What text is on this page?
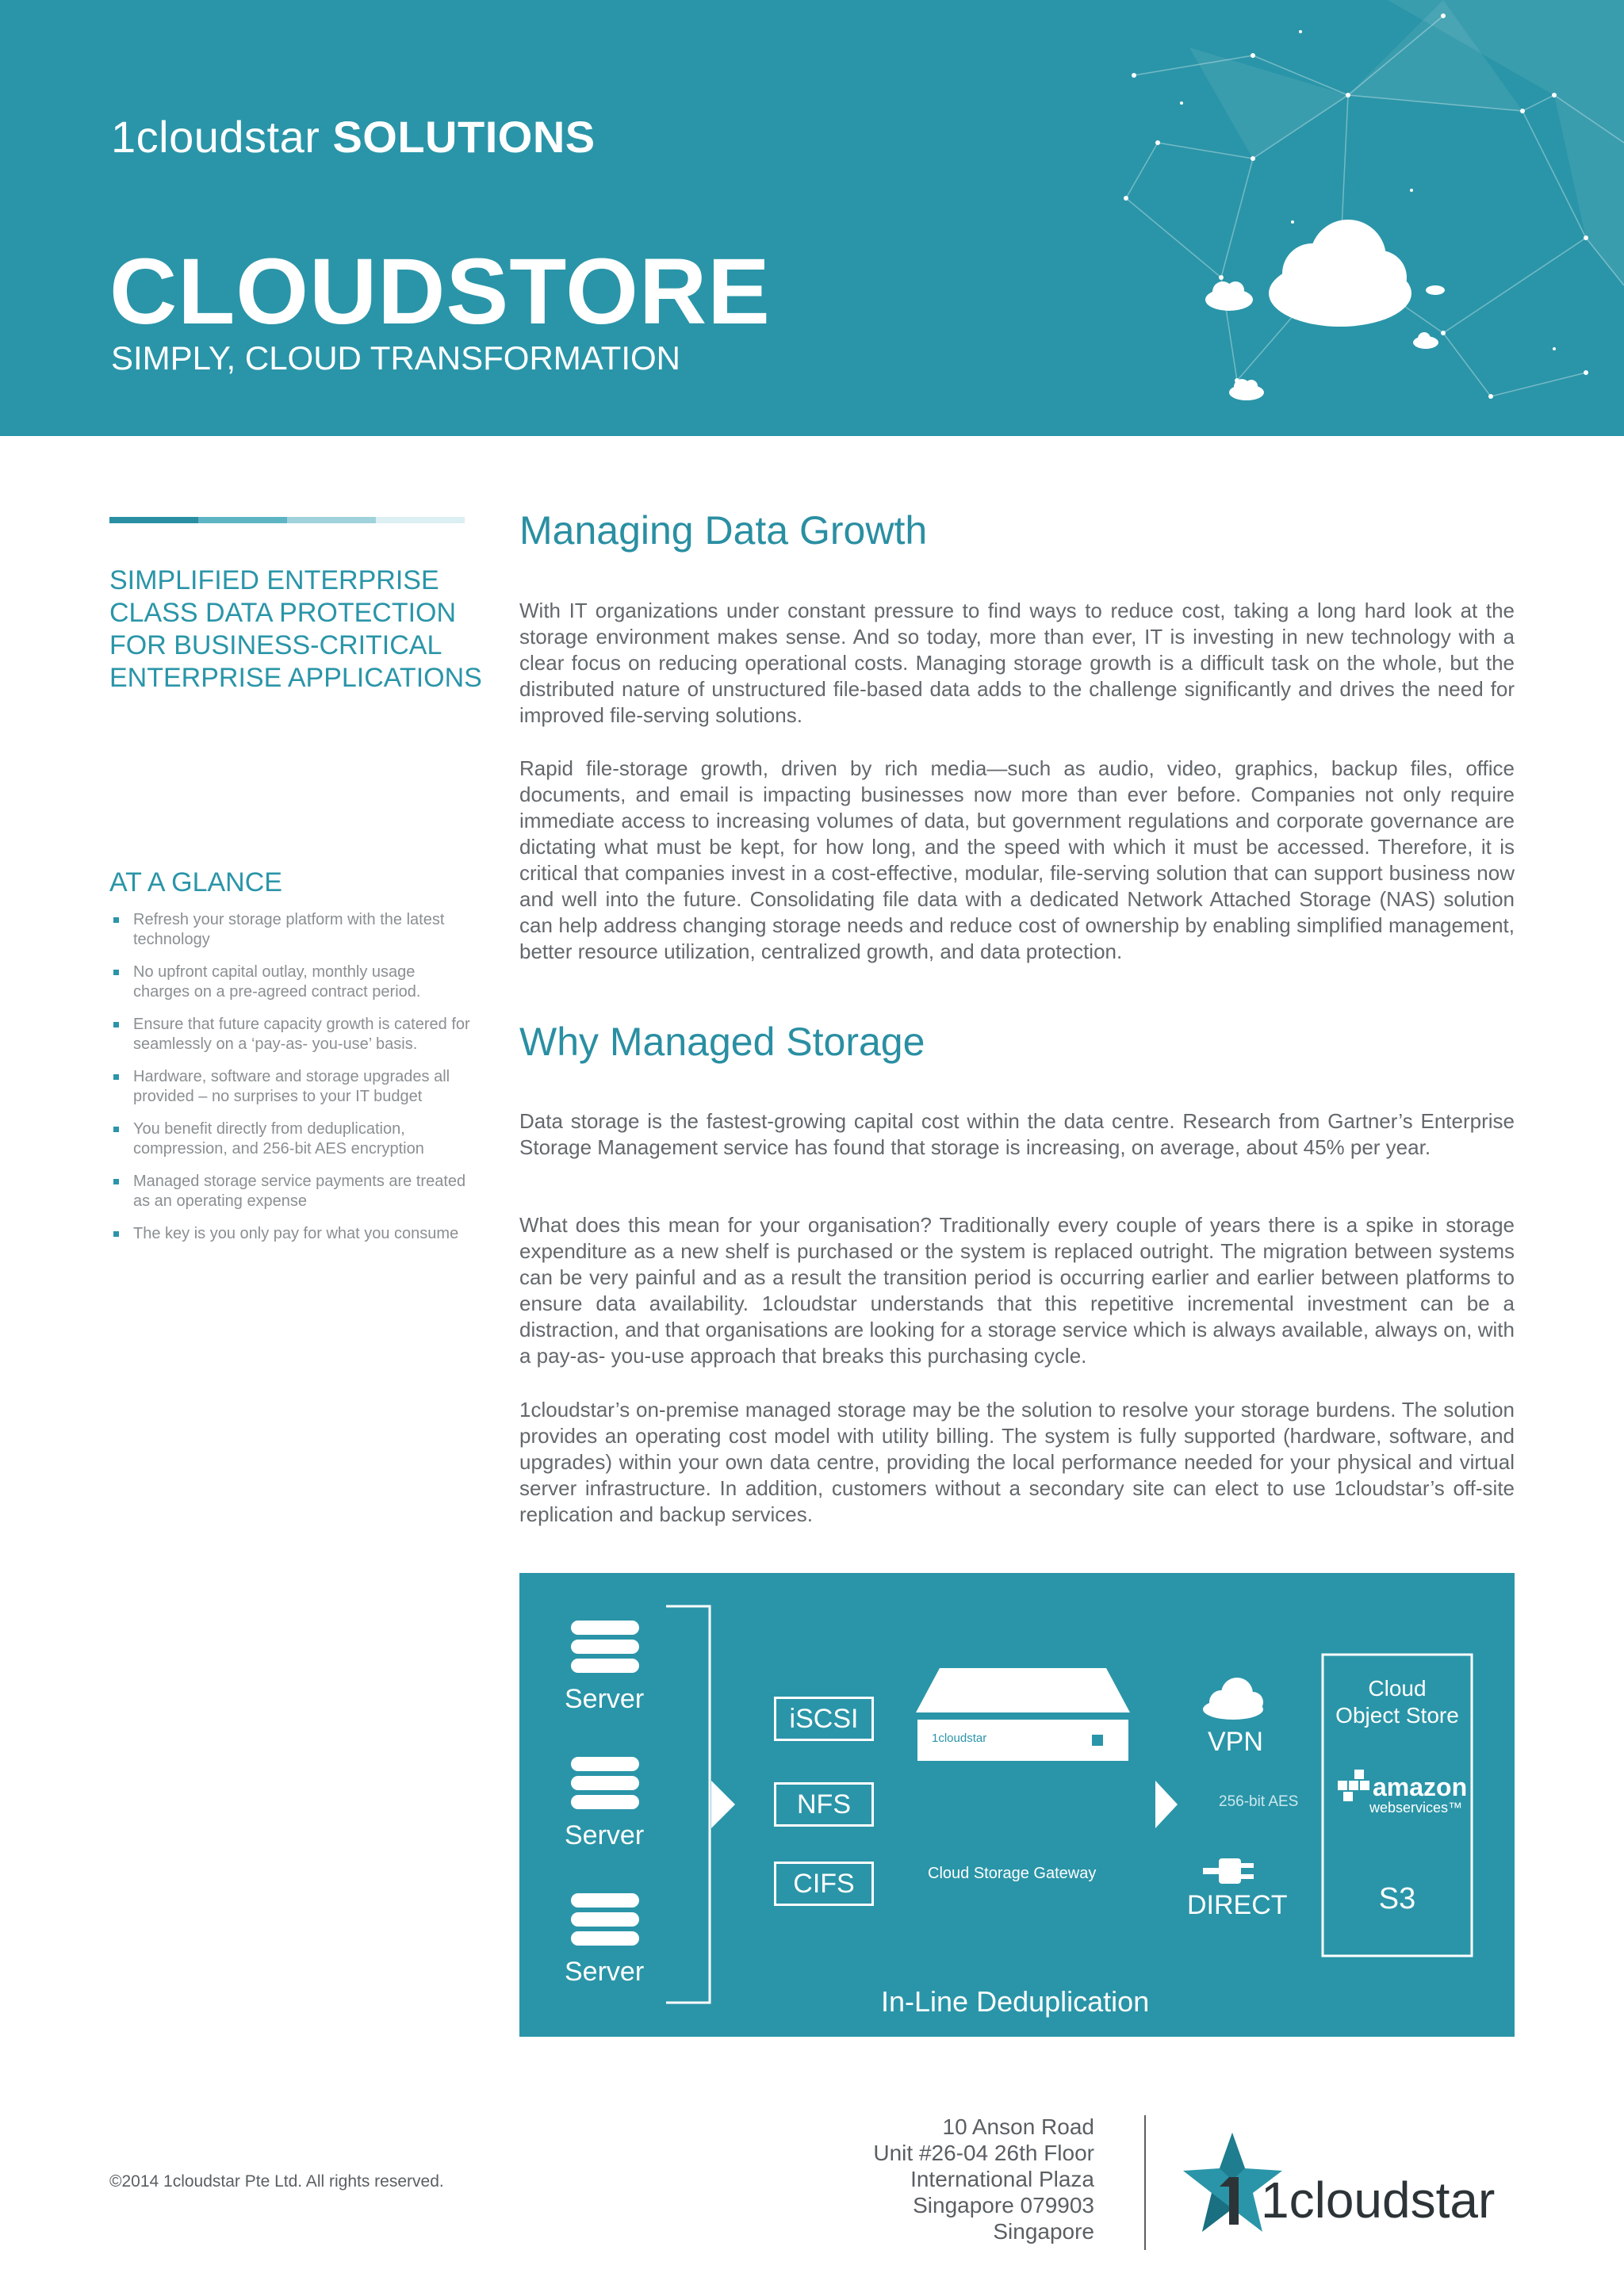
1cloudstar SOLUTIONS
CLOUDSTORE
SIMPLY, CLOUD TRANSFORMATION
SIMPLIFIED ENTERPRISE CLASS DATA PROTECTION FOR BUSINESS-CRITICAL ENTERPRISE APPLICATIONS
AT A GLANCE
Refresh your storage platform with the latest technology
No upfront capital outlay, monthly usage charges on a pre-agreed contract period.
Ensure that future capacity growth is catered for seamlessly on a ‘pay-as- you-use’ basis.
Hardware, software and storage upgrades all provided – no surprises to your IT budget
You benefit directly from deduplication, compression, and 256-bit AES encryption
Managed storage service payments are treated as an operating expense
The key is you only pay for what you consume
Managing Data Growth

With IT organizations under constant pressure to find ways to reduce cost, taking a long hard look at the storage environment makes sense. And so today, more than ever, IT is investing in new technology with a clear focus on reducing operational costs. Managing storage growth is a difficult task on the whole, but the distributed nature of unstructured file-based data adds to the challenge significantly and drives the need for improved file-serving solutions.

Rapid file-storage growth, driven by rich media—such as audio, video, graphics, backup files, office documents, and email is impacting businesses now more than ever before. Companies not only require immediate access to increasing volumes of data, but government regulations and corporate governance are dictating what must be kept, for how long, and the speed with which it must be accessed. Therefore, it is critical that companies invest in a cost-effective, modular, file-serving solution that can support business now and well into the future. Consolidating file data with a dedicated Network Attached Storage (NAS) solution can help address changing storage needs and reduce cost of ownership by enabling simplified management, better resource utilization, centralized growth, and data protection.

Why Managed Storage

Data storage is the fastest-growing capital cost within the data centre. Research from Gartner’s Enterprise Storage Management service has found that storage is increasing, on average, about 45% per year.

What does this mean for your organisation? Traditionally every couple of years there is a spike in storage expenditure as a new shelf is purchased or the system is replaced outright. The migration between systems can be very painful and as a result the transition period is occurring earlier and earlier between platforms to ensure data availability. 1cloudstar understands that this repetitive incremental investment can be a distraction, and that organisations are looking for a storage service which is always available, always on, with a pay-as- you-use approach that breaks this purchasing cycle.

1cloudstar’s on-premise managed storage may be the solution to resolve your storage burdens. The solution provides an operating cost model with utility billing. The system is fully supported (hardware, software, and upgrades) within your own data centre, providing the local performance needed for your physical and virtual server infrastructure. In addition, customers without a secondary site can elect to use 1cloudstar’s off-site replication and backup services.

Server
Server
Server
iSCSI
NFS
CIFS
1cloudstar
Cloud Storage Gateway
VPN
256-bit AES
DIRECT
Cloud
Object Store
amazon
webservices™
S3
In-Line Deduplication
©2014 1cloudstar Pte Ltd. All rights reserved.
10 Anson Road
Unit #26-04 26th Floor
International Plaza
Singapore 079903
Singapore
1cloudstar
